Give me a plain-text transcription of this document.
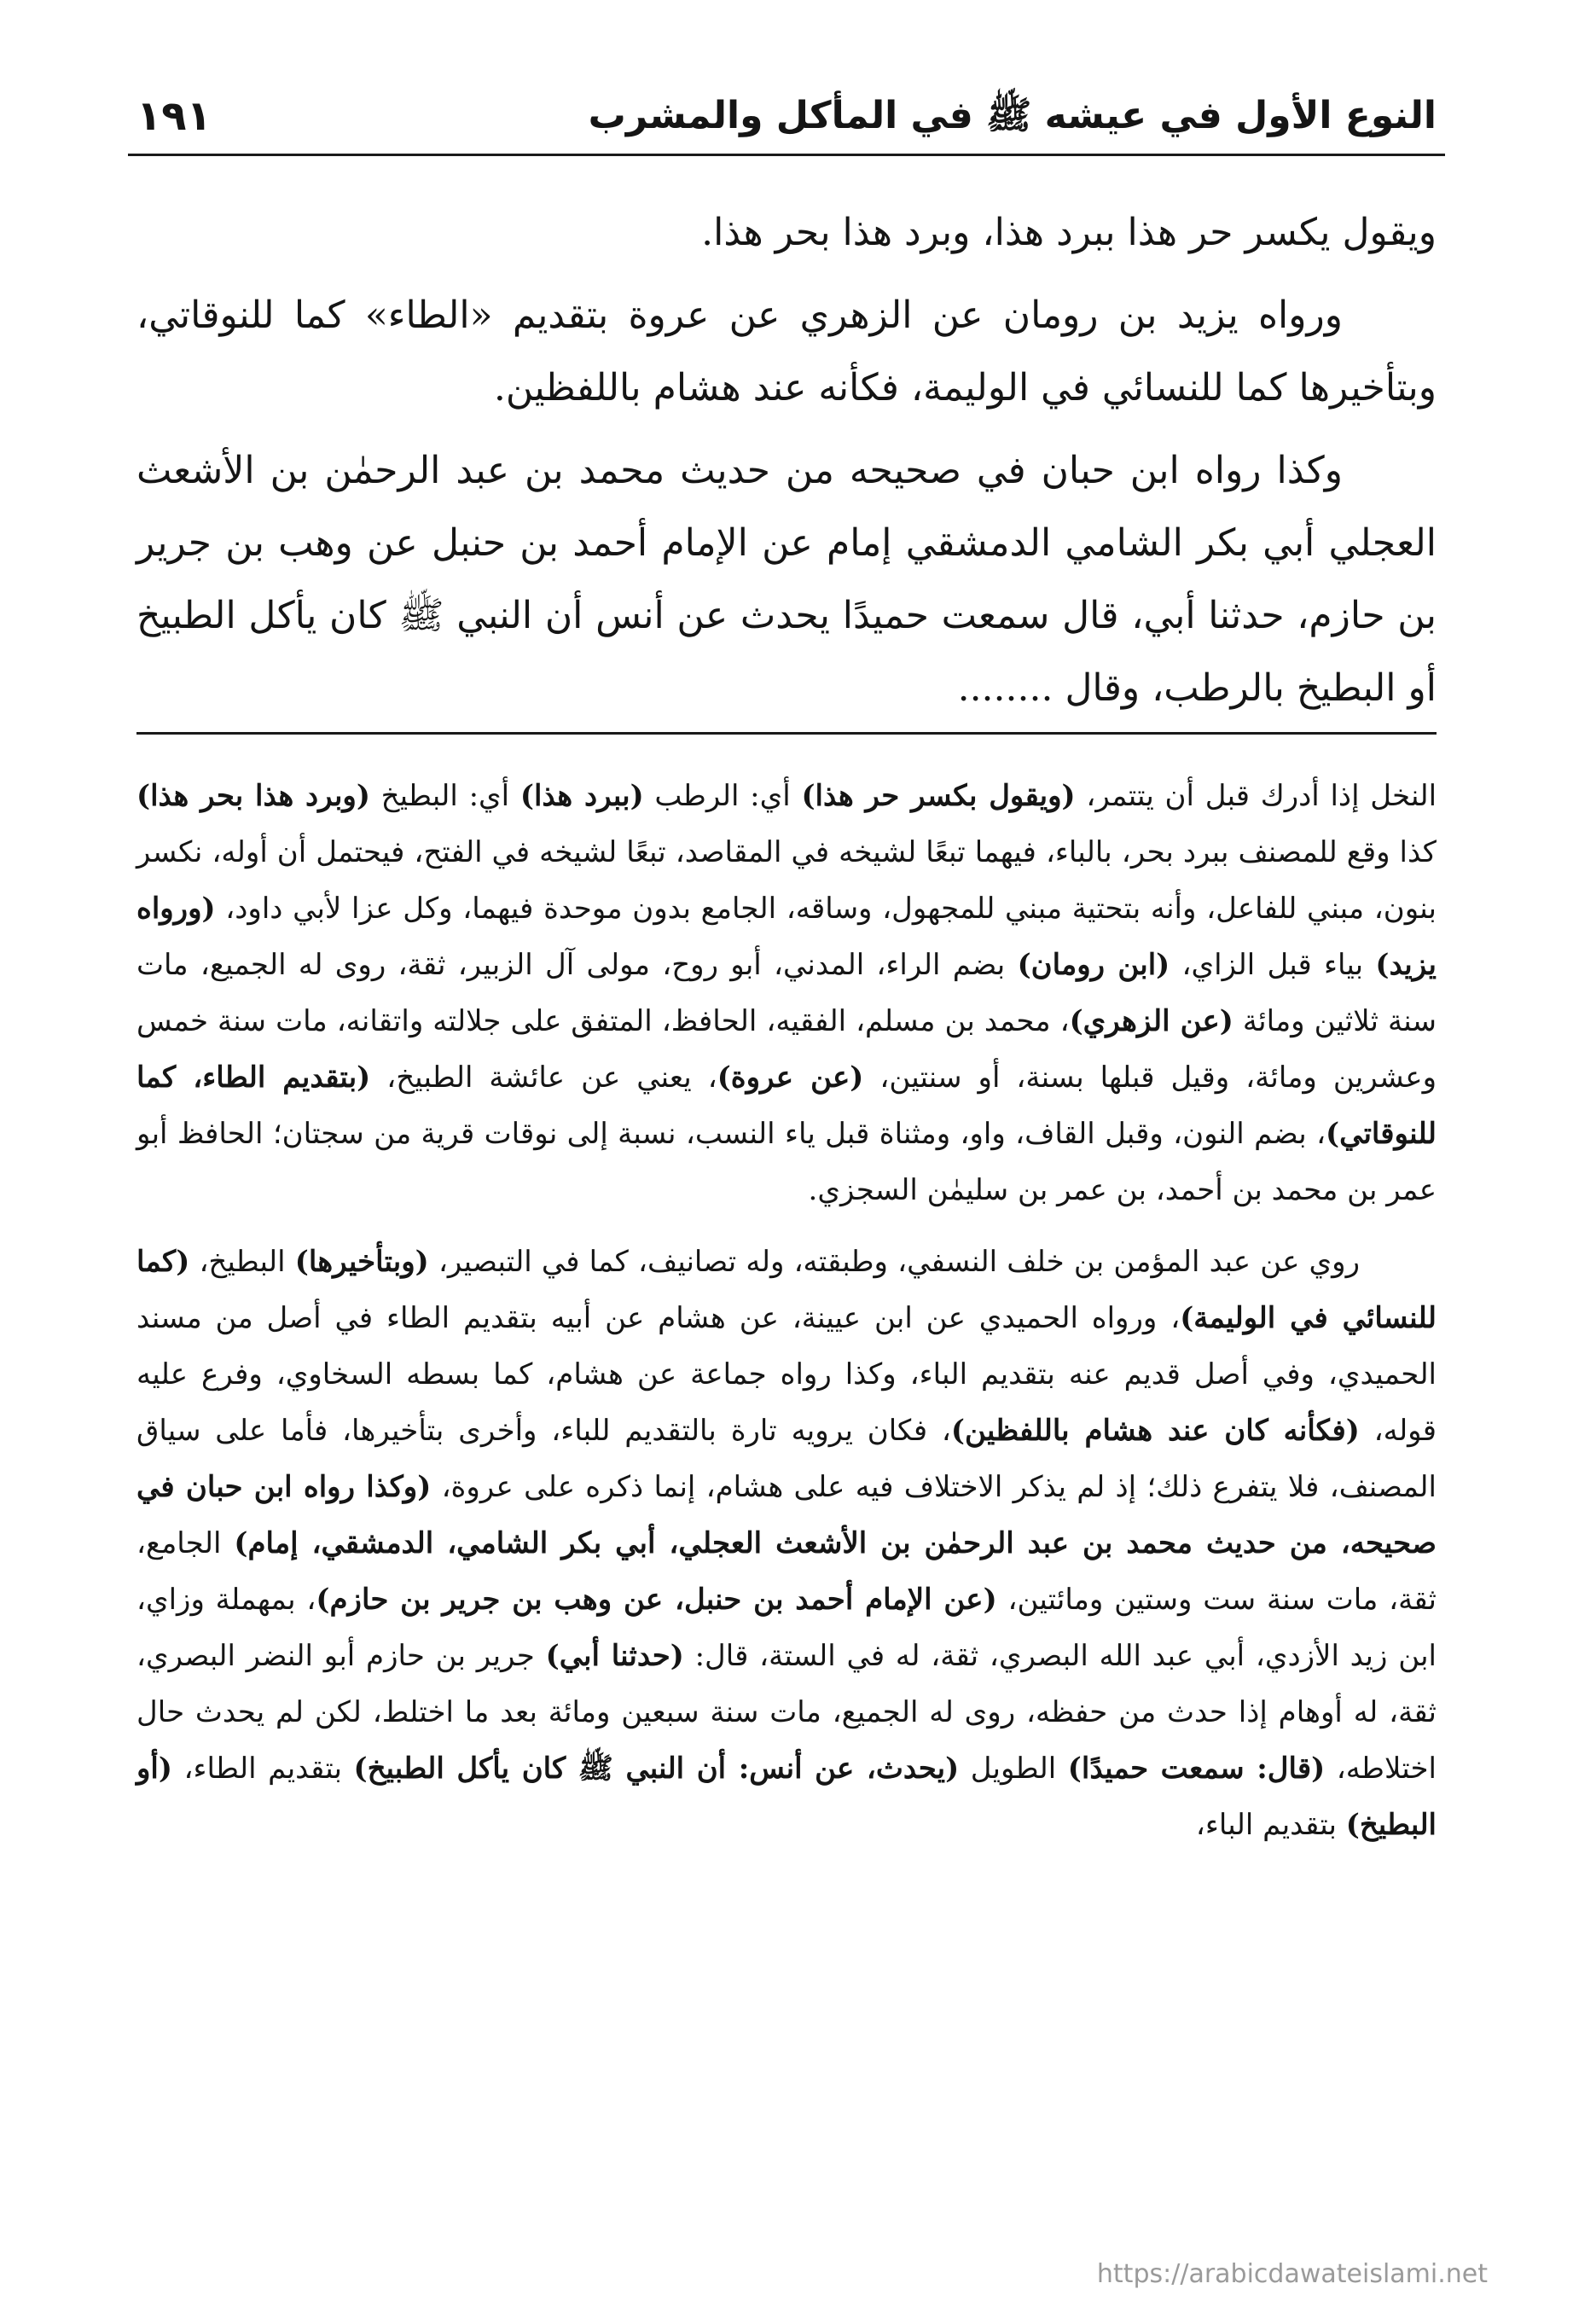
النوع الأول في عيشه ﷺ في المأكل والمشرب
١٩١

ويقول يكسر حر هذا ببرد هذا، وبرد هذا بحر هذا.

ورواه يزيد بن رومان عن الزهري عن عروة بتقديم «الطاء» كما للنوقاتي، وبتأخيرها كما للنسائي في الوليمة، فكأنه عند هشام باللفظين.

وكذا رواه ابن حبان في صحيحه من حديث محمد بن عبد الرحمٰن بن الأشعث العجلي أبي بكر الشامي الدمشقي إمام عن الإمام أحمد بن حنبل عن وهب بن جرير بن حازم، حدثنا أبي، قال سمعت حميدًا يحدث عن أنس أن النبي ﷺ كان يأكل الطبيخ أو البطيخ بالرطب، وقال ........

النخل إذا أدرك قبل أن يتتمر، (ويقول بكسر حر هذا) أي: الرطب (ببرد هذا) أي: البطيخ (وبرد هذا بحر هذا) كذا وقع للمصنف ببرد بحر، بالباء، فيهما تبعًا لشيخه في المقاصد، تبعًا لشيخه في الفتح، فيحتمل أن أوله، نكسر بنون، مبني للفاعل، وأنه بتحتية مبني للمجهول، وساقه، الجامع بدون موحدة فيهما، وكل عزا لأبي داود، (ورواه يزيد) بياء قبل الزاي، (ابن رومان) بضم الراء، المدني، أبو روح، مولى آل الزبير، ثقة، روى له الجميع، مات سنة ثلاثين ومائة (عن الزهري)، محمد بن مسلم، الفقيه، الحافظ، المتفق على جلالته واتقانه، مات سنة خمس وعشرين ومائة، وقيل قبلها بسنة، أو سنتين، (عن عروة)، يعني عن عائشة الطبيخ، (بتقديم الطاء، كما للنوقاتي)، بضم النون، وقبل القاف، واو، ومثناة قبل ياء النسب، نسبة إلى نوقات قرية من سجتان؛ الحافظ أبو عمر بن محمد بن أحمد، بن عمر بن سليمٰن السجزي.

روي عن عبد المؤمن بن خلف النسفي، وطبقته، وله تصانيف، كما في التبصير، (وبتأخيرها) البطيخ، (كما للنسائي في الوليمة)، ورواه الحميدي عن ابن عيينة، عن هشام عن أبيه بتقديم الطاء في أصل من مسند الحميدي، وفي أصل قديم عنه بتقديم الباء، وكذا رواه جماعة عن هشام، كما بسطه السخاوي، وفرع عليه قوله، (فكأنه كان عند هشام باللفظين)، فكان يرويه تارة بالتقديم للباء، وأخرى بتأخيرها، فأما على سياق المصنف، فلا يتفرع ذلك؛ إذ لم يذكر الاختلاف فيه على هشام، إنما ذكره على عروة، (وكذا رواه ابن حبان في صحيحه، من حديث محمد بن عبد الرحمٰن بن الأشعث العجلي، أبي بكر الشامي، الدمشقي، إمام) الجامع، ثقة، مات سنة ست وستين ومائتين، (عن الإمام أحمد بن حنبل، عن وهب بن جرير بن حازم)، بمهملة وزاي، ابن زيد الأزدي، أبي عبد الله البصري، ثقة، له في الستة، قال: (حدثنا أبي) جرير بن حازم أبو النضر البصري، ثقة، له أوهام إذا حدث من حفظه، روى له الجميع، مات سنة سبعين ومائة بعد ما اختلط، لكن لم يحدث حال اختلاطه، (قال: سمعت حميدًا) الطويل (يحدث، عن أنس: أن النبي ﷺ كان يأكل الطبيخ) بتقديم الطاء، (أو البطيخ) بتقديم الباء،

https://arabicdawateislami.net
